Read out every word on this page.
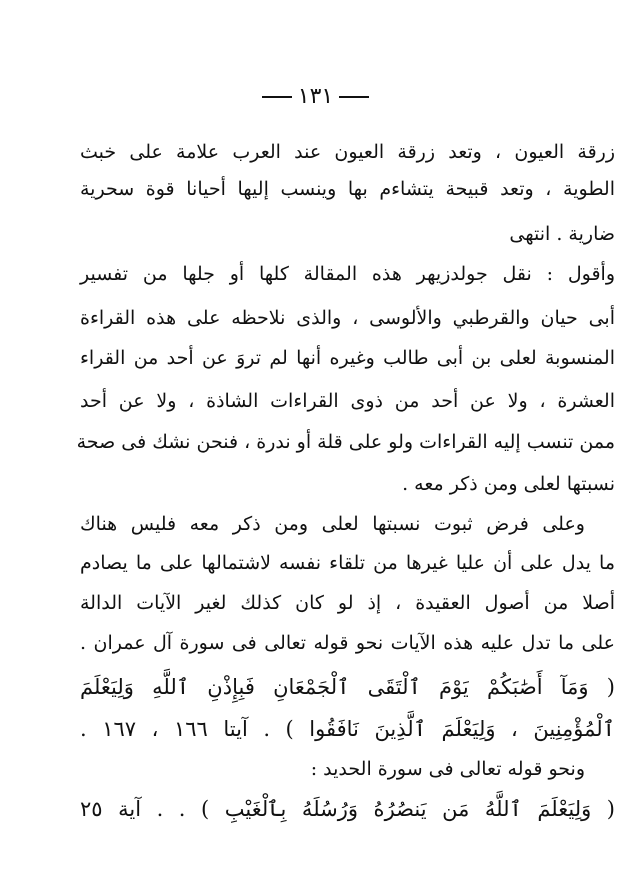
١٣١
زرقة العيون ، وتعد زرقة العيون عند العرب علامة على خبث
الطوية ، وتعد قبيحة يتشاءم بها وينسب إليها أحيانا قوة سحرية
ضارية . انتهى
وأقول : نقل جولدزيهر هذه المقالة كلها أو جلها من تفسير
أبى حيان والقرطبي والألوسى ، والذى نلاحظه على هذه القراءة
المنسوبة لعلى بن أبى طالب وغيره أنها لم تروَ عن أحد من القراء
العشرة ، ولا عن أحد من ذوى القراءات الشاذة ، ولا عن أحد
ممن تنسب إليه القراءات ولو على قلة أو ندرة ، فنحن نشك فى صحة
نسبتها لعلى ومن ذكر معه .
وعلى فرض ثبوت نسبتها لعلى ومن ذكر معه فليس هناك
ما يدل على أن عليا غيرها من تلقاء نفسه لاشتمالها على ما يصادم
أصلا من أصول العقيدة ، إذ لو كان كذلك لغير الآيات الدالة
على ما تدل عليه هذه الآيات نحو قوله تعالى فى سورة آل عمران .
( وَمَآ أَصَٰبَكُمْ يَوْمَ ٱلْتَقَى ٱلْجَمْعَانِ فَبِإِذْنِ ٱللَّهِ وَلِيَعْلَمَ
ٱلْمُؤْمِنِينَ ، وَلِيَعْلَمَ ٱلَّذِينَ نَافَقُوا ) . آيتا ١٦٦ ، ١٦٧ .
ونحو قوله تعالى فى سورة الحديد :
( وَلِيَعْلَمَ ٱللَّهُ مَن يَنصُرُهُ وَرُسُلَهُ بِٱلْغَيْبِ ) . . آية ٢٥
